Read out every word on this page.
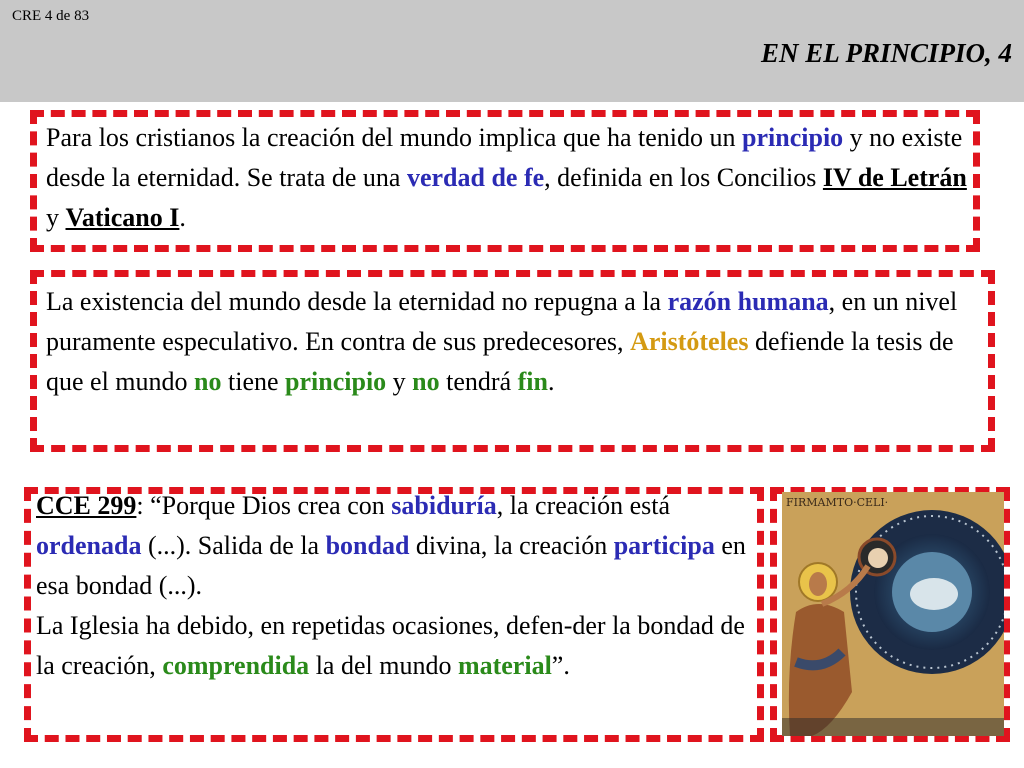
CRE 4 de 83
EN EL PRINCIPIO, 4
Para los cristianos la creación del mundo implica que ha tenido un principio y no existe desde la eternidad. Se trata de una verdad de fe, definida en los Concilios IV de Letrán y Vaticano I.
La existencia del mundo desde la eternidad no repugna a la razón humana, en un nivel puramente especulativo. En contra de sus predecesores, Aristóteles defiende la tesis de que el mundo no tiene principio y no tendrá fin.
CCE 299: “Porque Dios crea con sabiduría, la creación está ordenada (...). Salida de la bondad divina, la creación participa en esa bondad (...).
La Iglesia ha debido, en repetidas ocasiones, defen-der la bondad de la creación, comprendida la del mundo material”.
FIRMAMTO·CELI·
